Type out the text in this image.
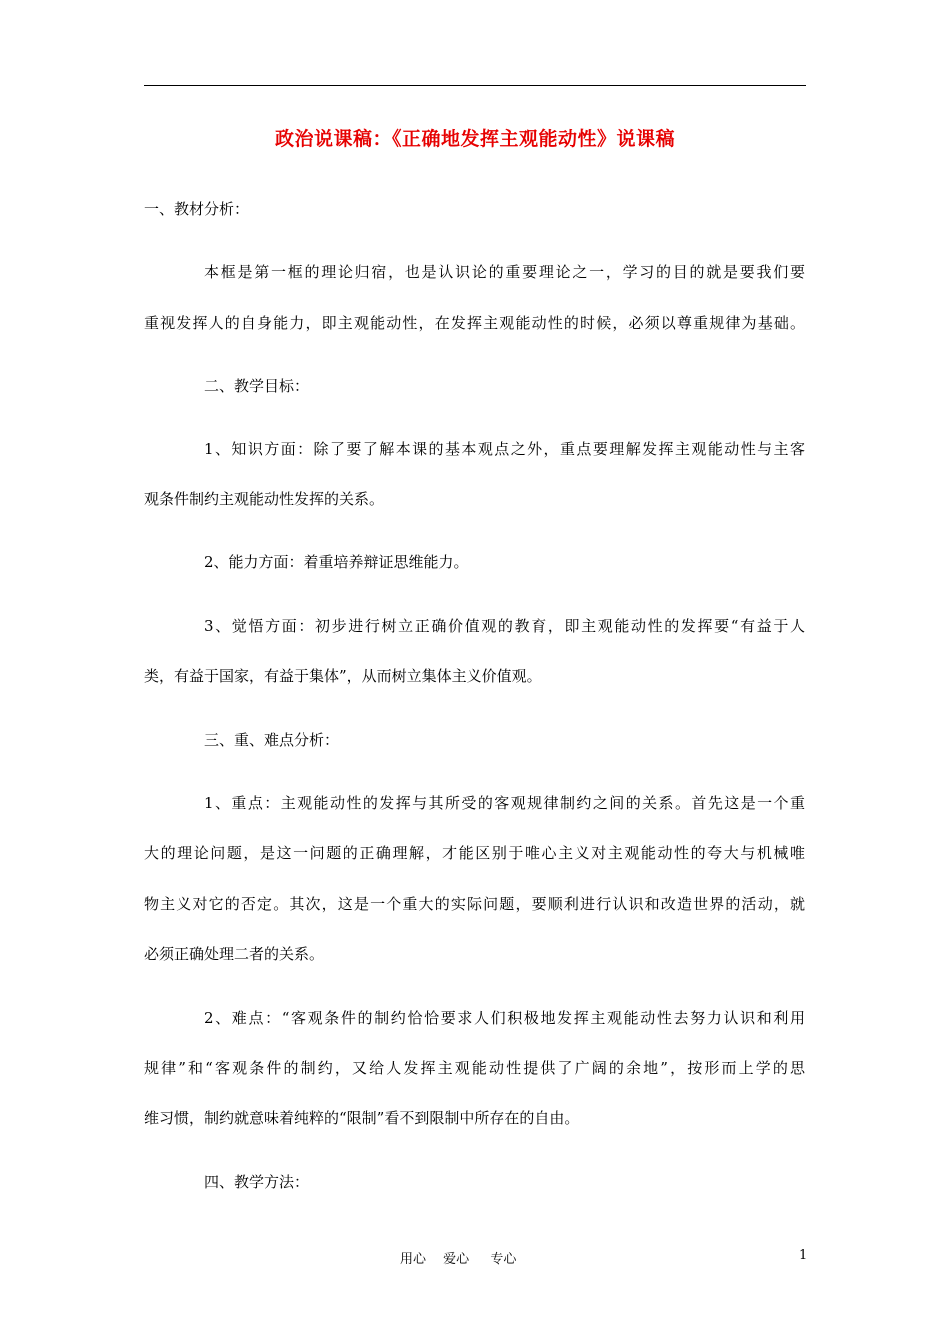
政治说课稿：《正确地发挥主观能动性》说课稿
一、教材分析：
本框是第一框的理论归宿，也是认识论的重要理论之一，学习的目的就是要我们要
重视发挥人的自身能力，即主观能动性，在发挥主观能动性的时候，必须以尊重规律为基础。
二、教学目标：
1、知识方面：除了要了解本课的基本观点之外，重点要理解发挥主观能动性与主客
观条件制约主观能动性发挥的关系。
2、能力方面：着重培养辩证思维能力。
3、觉悟方面：初步进行树立正确价值观的教育，即主观能动性的发挥要“有益于人
类，有益于国家，有益于集体”，从而树立集体主义价值观。
三、重、难点分析：
1、重点：主观能动性的发挥与其所受的客观规律制约之间的关系。首先这是一个重
大的理论问题，是这一问题的正确理解，才能区别于唯心主义对主观能动性的夸大与机械唯
物主义对它的否定。其次，这是一个重大的实际问题，要顺利进行认识和改造世界的活动，就
必须正确处理二者的关系。
2、难点：“客观条件的制约恰恰要求人们积极地发挥主观能动性去努力认识和利用
规律”和“客观条件的制约，又给人发挥主观能动性提供了广阔的余地”，按形而上学的思
维习惯，制约就意味着纯粹的“限制”看不到限制中所存在的自由。
四、教学方法：
用心　 爱心 　 专心	1
